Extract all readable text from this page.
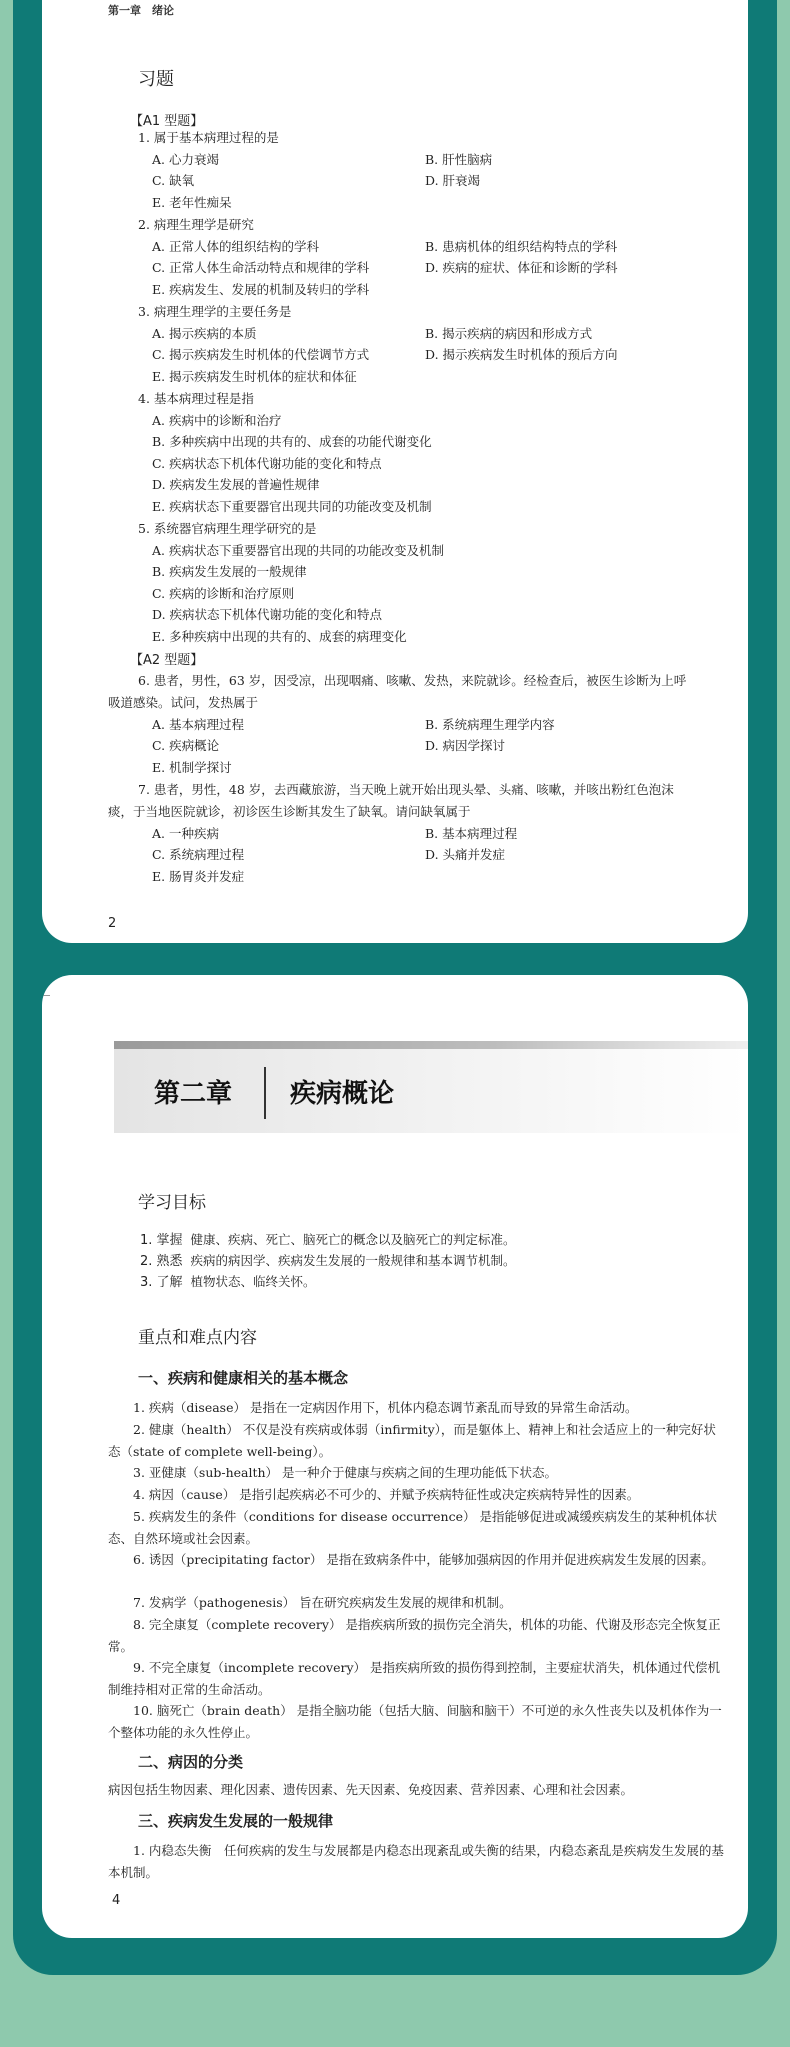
第一章　绪论
习题
【A1 型题】
1. 属于基本病理过程的是
A. 心力衰竭	B. 肝性脑病
C. 缺氧	D. 肝衰竭
E. 老年性痴呆
2. 病理生理学是研究
A. 正常人体的组织结构的学科	B. 患病机体的组织结构特点的学科
C. 正常人体生命活动特点和规律的学科	D. 疾病的症状、体征和诊断的学科
E. 疾病发生、发展的机制及转归的学科
3. 病理生理学的主要任务是
A. 揭示疾病的本质	B. 揭示疾病的病因和形成方式
C. 揭示疾病发生时机体的代偿调节方式	D. 揭示疾病发生时机体的预后方向
E. 揭示疾病发生时机体的症状和体征
4. 基本病理过程是指
A. 疾病中的诊断和治疗
B. 多种疾病中出现的共有的、成套的功能代谢变化
C. 疾病状态下机体代谢功能的变化和特点
D. 疾病发生发展的普遍性规律
E. 疾病状态下重要器官出现共同的功能改变及机制
5. 系统器官病理生理学研究的是
A. 疾病状态下重要器官出现的共同的功能改变及机制
B. 疾病发生发展的一般规律
C. 疾病的诊断和治疗原则
D. 疾病状态下机体代谢功能的变化和特点
E. 多种疾病中出现的共有的、成套的病理变化
【A2 型题】
6. 患者，男性，63 岁，因受凉，出现咽痛、咳嗽、发热，来院就诊。经检查后，被医生诊断为上呼
吸道感染。试问，发热属于
A. 基本病理过程	B. 系统病理生理学内容
C. 疾病概论	D. 病因学探讨
E. 机制学探讨
7. 患者，男性，48 岁，去西藏旅游，当天晚上就开始出现头晕、头痛、咳嗽，并咳出粉红色泡沫
痰，于当地医院就诊，初诊医生诊断其发生了缺氧。请问缺氧属于
A. 一种疾病	B. 基本病理过程
C. 系统病理过程	D. 头痛并发症
E. 肠胃炎并发症
2
第二章 疾病概论
学习目标
1. 掌握 健康、疾病、死亡、脑死亡的概念以及脑死亡的判定标准。
2. 熟悉 疾病的病因学、疾病发生发展的一般规律和基本调节机制。
3. 了解 植物状态、临终关怀。
重点和难点内容
一、疾病和健康相关的基本概念
1. 疾病（disease） 是指在一定病因作用下，机体内稳态调节紊乱而导致的异常生命活动。
2. 健康（health） 不仅是没有疾病或体弱（infirmity），而是躯体上、精神上和社会适应上的一种完好状态（state of complete well-being）。
3. 亚健康（sub-health） 是一种介于健康与疾病之间的生理功能低下状态。
4. 病因（cause） 是指引起疾病必不可少的、并赋予疾病特征性或决定疾病特异性的因素。
5. 疾病发生的条件（conditions for disease occurrence） 是指能够促进或减缓疾病发生的某种机体状态、自然环境或社会因素。
6. 诱因（precipitating factor） 是指在致病条件中，能够加强病因的作用并促进疾病发生发展的因素。
7. 发病学（pathogenesis） 旨在研究疾病发生发展的规律和机制。
8. 完全康复（complete recovery） 是指疾病所致的损伤完全消失，机体的功能、代谢及形态完全恢复正常。
9. 不完全康复（incomplete recovery） 是指疾病所致的损伤得到控制，主要症状消失，机体通过代偿机制维持相对正常的生命活动。
10. 脑死亡（brain death） 是指全脑功能（包括大脑、间脑和脑干）不可逆的永久性丧失以及机体作为一个整体功能的永久性停止。
二、病因的分类
病因包括生物因素、理化因素、遗传因素、先天因素、免疫因素、营养因素、心理和社会因素。
三、疾病发生发展的一般规律
1. 内稳态失衡　任何疾病的发生与发展都是内稳态出现紊乱或失衡的结果，内稳态紊乱是疾病发生发展的基本机制。
4
